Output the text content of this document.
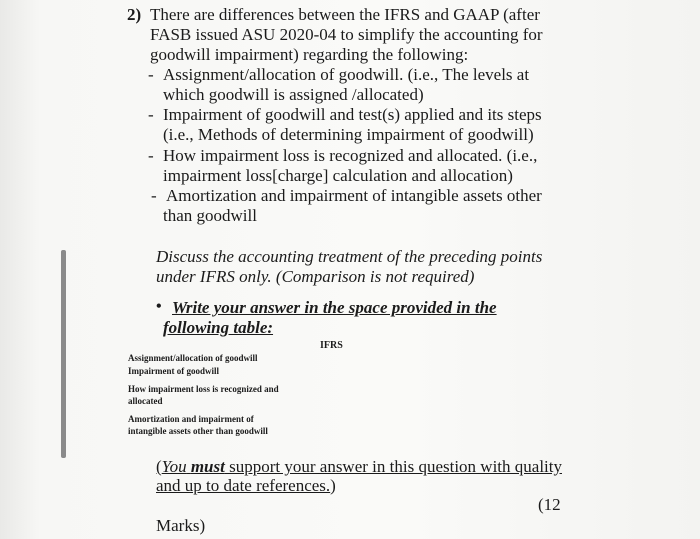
2) There are differences between the IFRS and GAAP (after
FASB issued ASU 2020-04 to simplify the accounting for
goodwill impairment) regarding the following:
- Assignment/allocation of goodwill. (i.e., The levels at
which goodwill is assigned /allocated)
- Impairment of goodwill and test(s) applied and its steps
(i.e., Methods of determining impairment of goodwill)
- How impairment loss is recognized and allocated. (i.e.,
impairment loss[charge] calculation and allocation)
- Amortization and impairment of intangible assets other
than goodwill
Discuss the accounting treatment of the preceding points
under IFRS only. (Comparison is not required)
• Write your answer in the space provided in the
following table:
IFRS
Assignment/allocation of goodwill
Impairment of goodwill
How impairment loss is recognized and
allocated
Amortization and impairment of
intangible assets other than goodwill
(You must support your answer in this question with quality
and up to date references.)
(12
Marks)
